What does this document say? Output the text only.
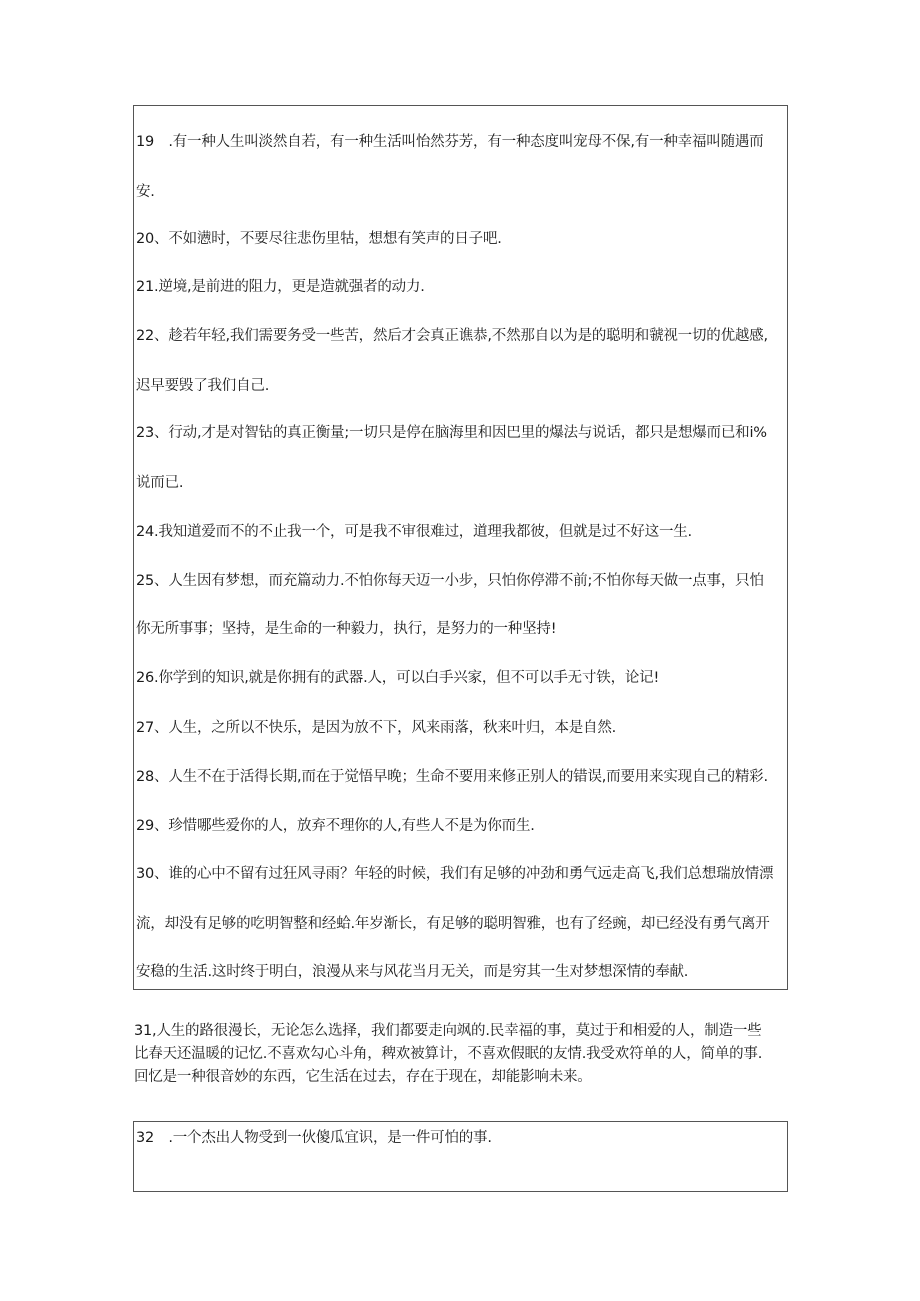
19　.有一种人生叫淡然自若，有一种生活叫怡然芬芳，有一种态度叫宠母不保,有一种幸福叫随遇而
安.
20、不如懑时，不要尽往悲伤里牯，想想有笑声的日子吧.
21.逆境,是前进的阻力，更是造就强者的动力.
22、趁若年轻,我们需要务受一些苦，然后才会真正谯恭,不然那自以为是的聪明和虢视一切的优越感,
迟早要毁了我们自己.
23、行动,才是对智钻的真正衡量;一切只是停在脑海里和因巴里的爆法与说话，都只是想爆而已和i%
说而已.
24.我知道爱而不的不止我一个，可是我不审很难过，道理我都彼，但就是过不好这一生.
25、人生因有梦想，而充篇动力.不怕你每天迈一小步，只怕你停滞不前;不怕你每天做一点事，只怕
你无所事事；坚持，是生命的一种毅力，执行，是努力的一种坚持!
26.你学到的知识,就是你拥有的武器.人，可以白手兴家，但不可以手无寸铁，论记!
27、人生，之所以不快乐，是因为放不下，风来雨落，秋来叶归，本是自然.
28、人生不在于活得长期,而在于觉悟早晚；生命不要用来修正别人的错误,而要用来实现自己的精彩.
29、珍惜哪些爱你的人，放弃不理你的人,有些人不是为你而生.
30、谁的心中不留有过狂风寻雨？年轻的时候，我们有足够的冲劲和勇气远走高飞,我们总想瑞放情漂
流，却没有足够的吃明智整和经蛤.年岁渐长，有足够的聪明智雅，也有了经豌，却已经没有勇气离开
安稳的生活.这时终于明白，浪漫从来与风花当月无关，而是穷其一生对梦想深情的奉献.
31,人生的路很漫长，无论怎么选择，我们都要走向飒的.民幸福的事，莫过于和相爱的人，制造一些
比春天还温暖的记忆.不喜欢勾心斗角，稗欢被算计，不喜欢假眠的友情.我受欢符单的人，简单的事.
回忆是一种很音妙的东西，它生活在过去，存在于现在，却能影响未来。
32　.一个杰出人物受到一伙傻瓜宜识，是一件可怕的事.
